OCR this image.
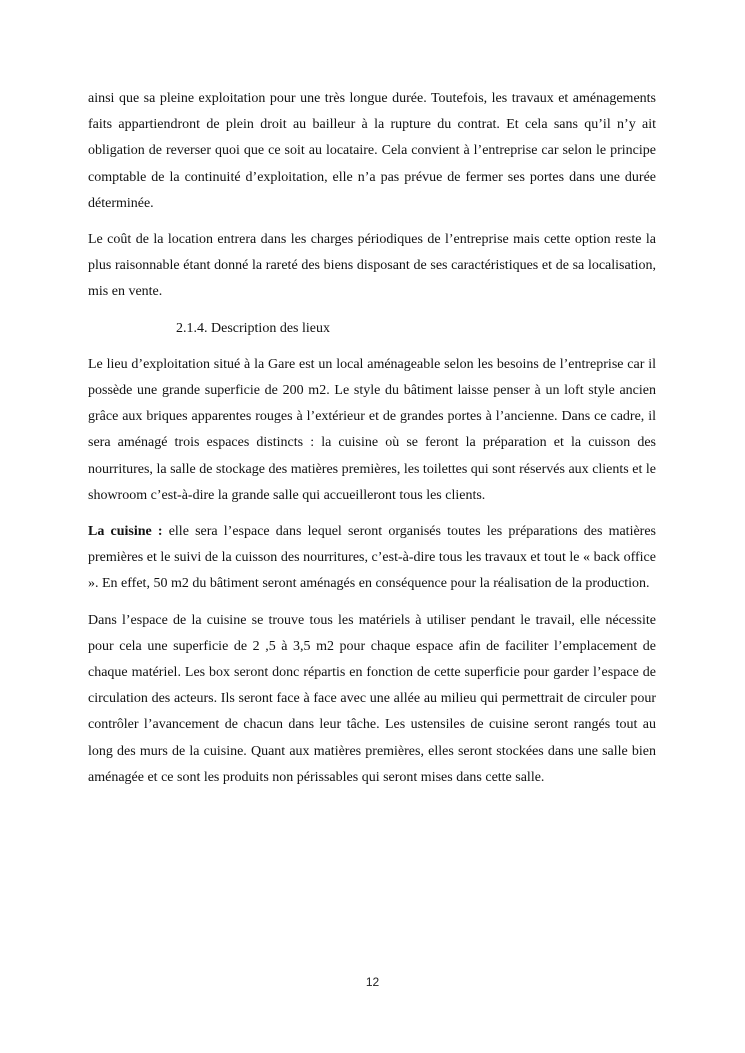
ainsi que sa pleine exploitation pour une très longue durée. Toutefois, les travaux et aménagements faits appartiendront de plein droit au bailleur à la rupture du contrat. Et cela sans qu’il n’y ait obligation de reverser quoi que ce soit au locataire. Cela convient à l’entreprise car selon le principe comptable de la continuité d’exploitation, elle n’a pas prévue de fermer ses portes dans une durée déterminée.

Le coût de la location entrera dans les charges périodiques de l’entreprise mais cette option reste la plus raisonnable étant donné la rareté des biens disposant de ses caractéristiques et de sa localisation, mis en vente.

2.1.4. Description des lieux

Le lieu d’exploitation situé à la Gare est un local aménageable selon les besoins de l’entreprise car il possède une grande superficie de 200 m2. Le style du bâtiment laisse penser à un loft style ancien grâce aux briques apparentes rouges à l’extérieur et de grandes portes à l’ancienne. Dans ce cadre, il sera aménagé trois espaces distincts : la cuisine où se feront la préparation et la cuisson des nourritures, la salle de stockage des matières premières, les toilettes qui sont réservés aux clients et le showroom c’est-à-dire la grande salle qui accueilleront tous les clients.

La cuisine : elle sera l’espace dans lequel seront organisés toutes les préparations des matières premières et le suivi de la cuisson des nourritures, c’est-à-dire tous les travaux et tout le « back office ». En effet, 50 m2 du bâtiment seront aménagés en conséquence pour la réalisation de la production.

Dans l’espace de la cuisine se trouve tous les matériels à utiliser pendant le travail, elle nécessite pour cela une superficie de 2 ,5 à 3,5 m2 pour chaque espace afin de faciliter l’emplacement de chaque matériel. Les box seront donc répartis en fonction de cette superficie pour garder l’espace de circulation des acteurs. Ils seront face à face avec une allée au milieu qui permettrait de circuler pour contrôler l’avancement de chacun dans leur tâche. Les ustensiles de cuisine seront rangés tout au long des murs de la cuisine. Quant aux matières premières, elles seront stockées dans une salle bien aménagée et ce sont les produits non périssables qui seront mises dans cette salle.

12
